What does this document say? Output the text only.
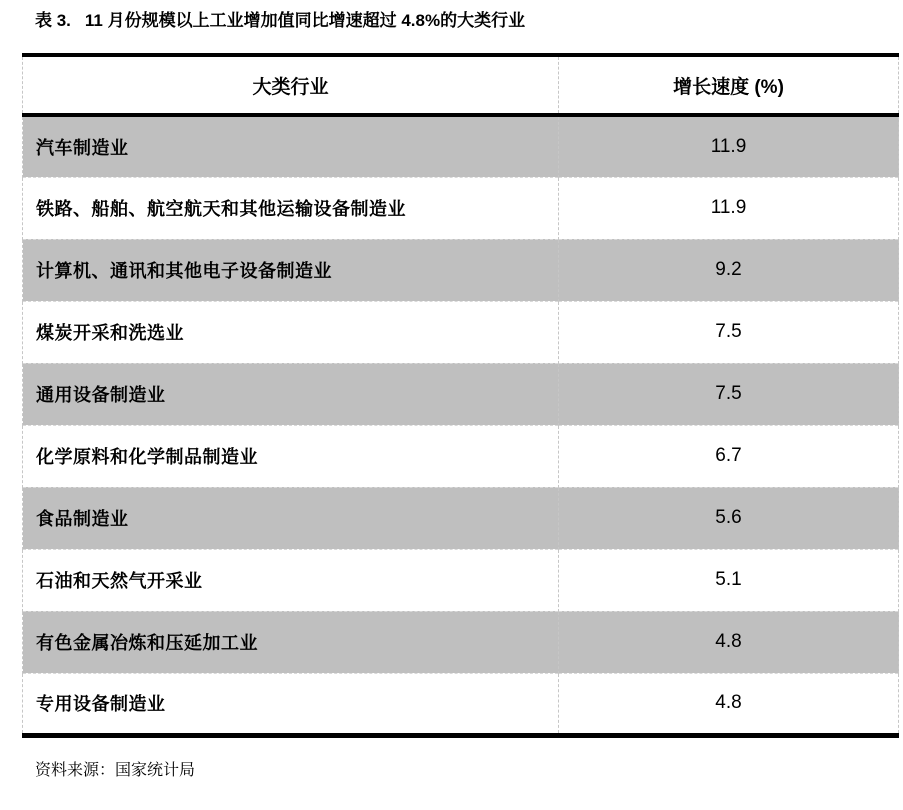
表 3. 11 月份规模以上工业增加值同比增速超过 4.8%的大类行业
大类行业	增长速度 (%)
汽车制造业	11.9
铁路、船舶、航空航天和其他运输设备制造业	11.9
计算机、通讯和其他电子设备制造业	9.2
煤炭开采和洗选业	7.5
通用设备制造业	7.5
化学原料和化学制品制造业	6.7
食品制造业	5.6
石油和天然气开采业	5.1
有色金属冶炼和压延加工业	4.8
专用设备制造业	4.8
资料来源：国家统计局
